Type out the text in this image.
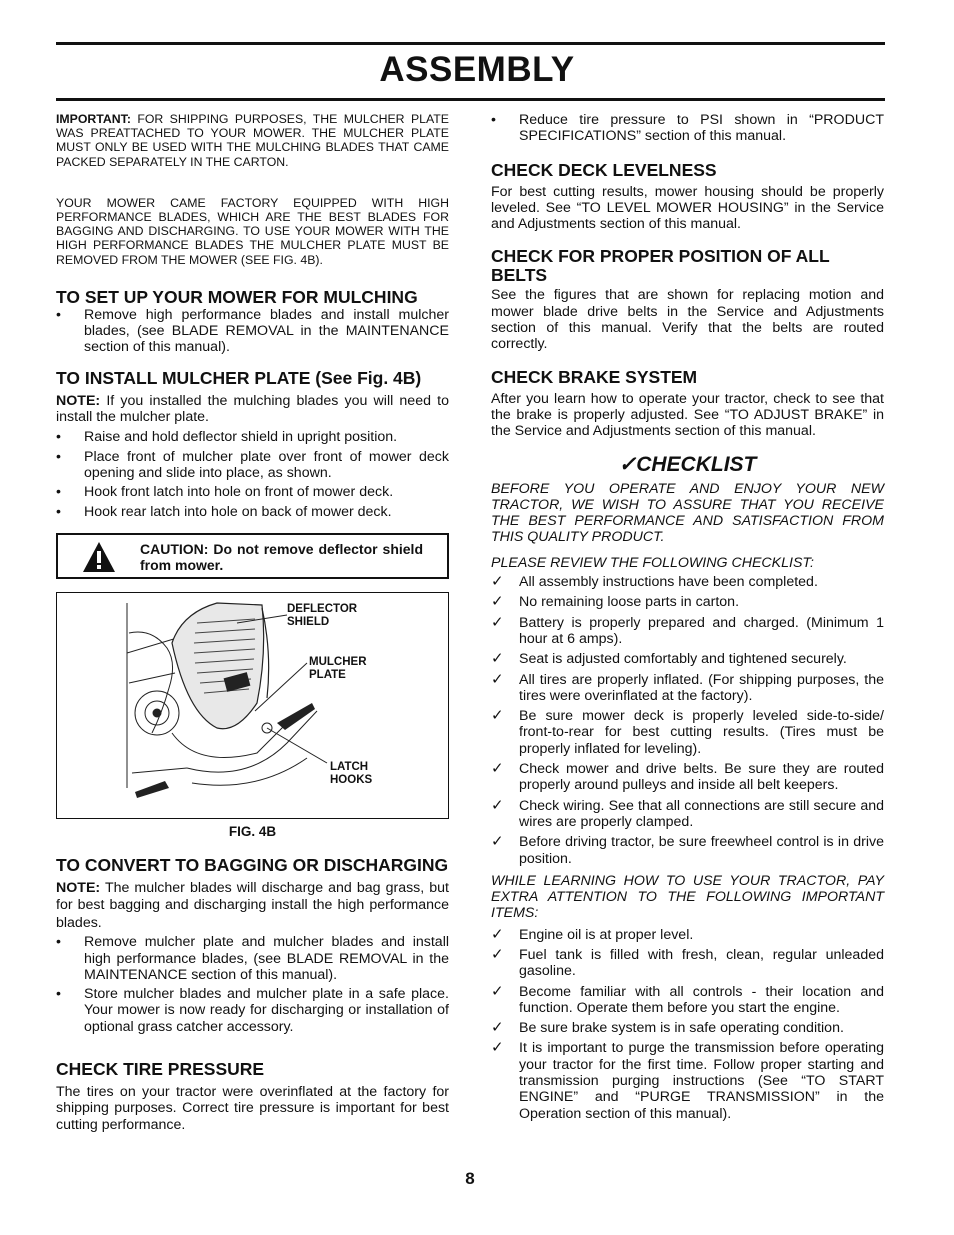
ASSEMBLY

IMPORTANT: FOR SHIPPING PURPOSES, THE MULCHER PLATE WAS PREATTACHED TO YOUR MOWER. THE MULCHER PLATE MUST ONLY BE USED WITH THE MULCHING BLADES THAT CAME PACKED SEPARATELY IN THE CARTON.

YOUR MOWER CAME FACTORY EQUIPPED WITH HIGH PERFORMANCE BLADES, WHICH ARE THE BEST BLADES FOR BAGGING AND DISCHARGING. TO USE YOUR MOWER WITH THE HIGH PERFORMANCE BLADES THE MULCHER PLATE MUST BE REMOVED FROM THE MOWER (SEE FIG. 4B).

TO SET UP YOUR MOWER FOR MULCHING
• Remove high performance blades and install mulcher blades, (see BLADE REMOVAL in the MAINTENANCE section of this manual).
TO INSTALL MULCHER PLATE (See Fig. 4B)

NOTE: If you installed the mulching blades you will need to install the mulcher plate.

• Raise and hold deflector shield in upright position.
• Place front of mulcher plate over front of mower deck opening and slide into place, as shown.
• Hook front latch into hole on front of mower deck.
• Hook rear latch into hole on back of mower deck.

CAUTION: Do not remove deflector shield from mower.

DEFLECTOR SHIELD
MULCHER PLATE
LATCH HOOKS
FIG. 4B
TO CONVERT TO BAGGING OR DISCHARGING

NOTE: The mulcher blades will discharge and bag grass, but for best bagging and discharging install the high performance blades.

• Remove mulcher plate and mulcher blades and install high performance blades, (see BLADE REMOVAL in the MAINTENANCE section of this manual).
• Store mulcher blades and mulcher plate in a safe place. Your mower is now ready for discharging or installation of optional grass catcher accessory.
CHECK TIRE PRESSURE

The tires on your tractor were overinflated at the factory for shipping purposes. Correct tire pressure is important for best cutting performance.

• Reduce tire pressure to PSI shown in “PRODUCT SPECIFICATIONS” section of this manual.
CHECK DECK LEVELNESS

For best cutting results, mower housing should be properly leveled. See “TO LEVEL MOWER HOUSING” in the Service and Adjustments section of this manual.

CHECK FOR PROPER POSITION OF ALL BELTS

See the figures that are shown for replacing motion and mower blade drive belts in the Service and Adjustments section of this manual. Verify that the belts are routed correctly.

CHECK BRAKE SYSTEM

After you learn how to operate your tractor, check to see that the brake is properly adjusted. See “TO ADJUST BRAKE” in the Service and Adjustments section of this manual.

✓CHECKLIST

BEFORE YOU OPERATE AND ENJOY YOUR NEW TRACTOR, WE WISH TO ASSURE THAT YOU RECEIVE THE BEST PERFORMANCE AND SATISFACTION FROM THIS QUALITY PRODUCT.

PLEASE REVIEW THE FOLLOWING CHECKLIST:

✓ All assembly instructions have been completed.
✓ No remaining loose parts in carton.
✓ Battery is properly prepared and charged. (Minimum 1 hour at 6 amps).
✓ Seat is adjusted comfortably and tightened securely.
✓ All tires are properly inflated. (For shipping purposes, the tires were overinflated at the factory).
✓ Be sure mower deck is properly leveled side-to-side/ front-to-rear for best cutting results. (Tires must be properly inflated for leveling).
✓ Check mower and drive belts. Be sure they are routed properly around pulleys and inside all belt keepers.
✓ Check wiring. See that all connections are still secure and wires are properly clamped.
✓ Before driving tractor, be sure freewheel control is in drive position.

WHILE LEARNING HOW TO USE YOUR TRACTOR, PAY EXTRA ATTENTION TO THE FOLLOWING IMPORTANT ITEMS:

✓ Engine oil is at proper level.
✓ Fuel tank is filled with fresh, clean, regular unleaded gasoline.
✓ Become familiar with all controls - their location and function. Operate them before you start the engine.
✓ Be sure brake system is in safe operating condition.
✓ It is important to purge the transmission before operating your tractor for the first time. Follow proper starting and transmission purging instructions (See “TO START ENGINE” and “PURGE TRANSMISSION” in the Operation section of this manual).
8
